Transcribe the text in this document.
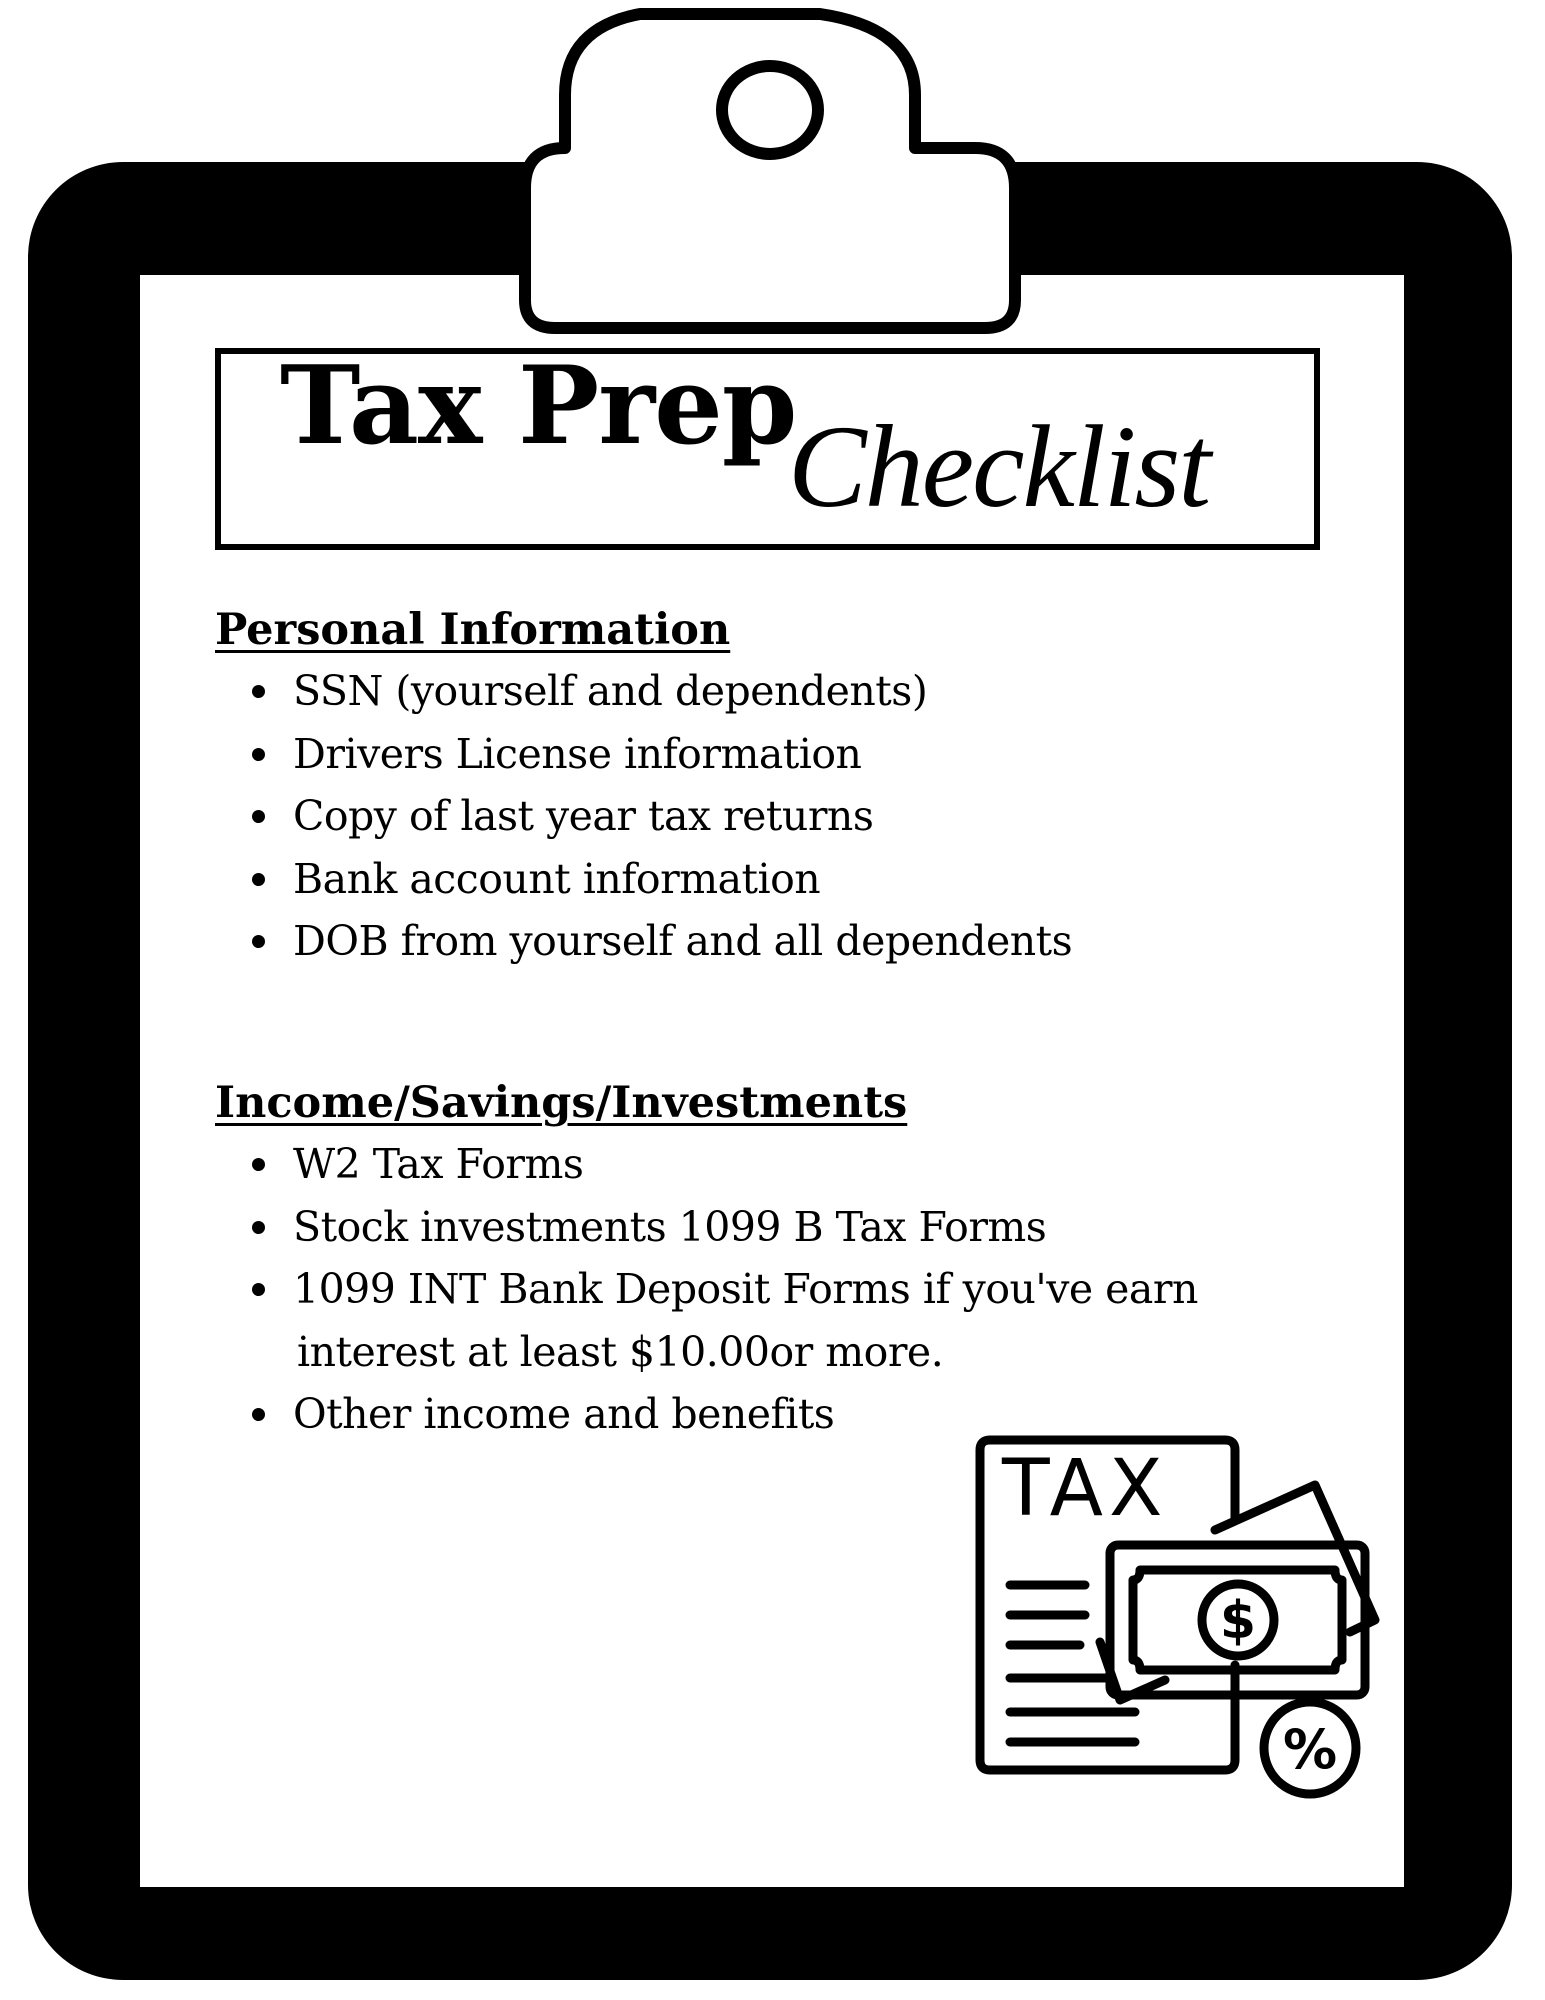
Tax Prep
Checklist
Personal Information
SSN (yourself and dependents)
Drivers License information
Copy of last year tax returns
Bank account information
DOB from yourself and all dependents
Income/Savings/Investments
W2 Tax Forms
Stock investments 1099 B Tax Forms
1099 INT Bank Deposit Forms if you've earn
interest at least $10.00or more.
Other income and benefits
TAX
$
%
